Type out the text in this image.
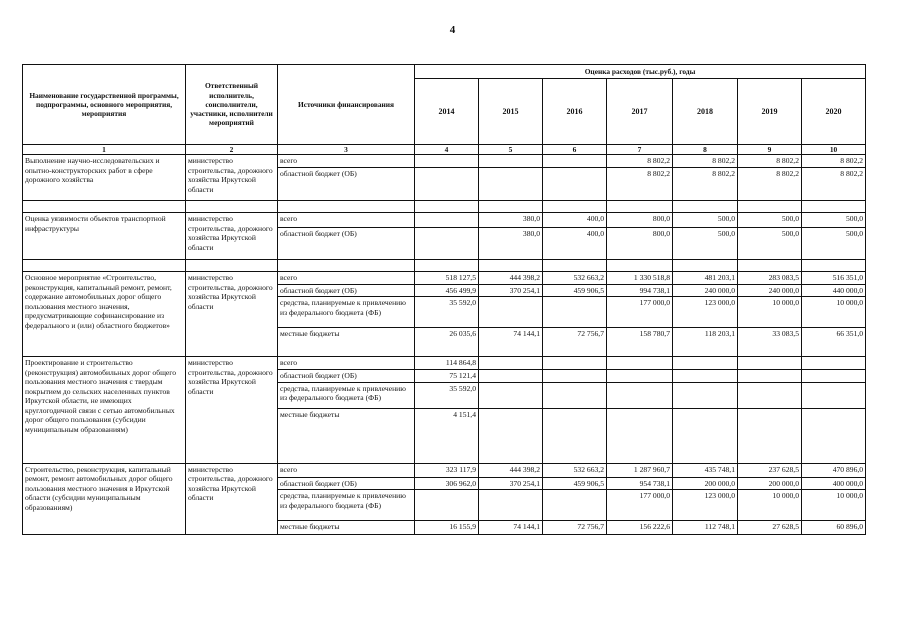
4
Наименование государственной программы, подпрограммы, основного мероприятия, мероприятия	Ответственный исполнитель, соисполнители, участники, исполнители мероприятий	Источники финансирования	Оценка расходов (тыс.руб.), годы						
			2014	2015	2016	2017	2018	2019	2020
1	2	3	4	5	6	7	8	9	10
Выполнение научно-исследовательских и опытно-конструкторских работ в сфере дорожного хозяйства	министерство строительства, дорожного хозяйства Иркутской области	всего				8 802,2	8 802,2	8 802,2	8 802,2
		областной бюджет (ОБ)				8 802,2	8 802,2	8 802,2	8 802,2

Оценка уязвимости объектов транспортной инфраструктуры	министерство строительства, дорожного хозяйства Иркутской области	всего		380,0	400,0	800,0	500,0	500,0	500,0
		областной бюджет (ОБ)		380,0	400,0	800,0	500,0	500,0	500,0

Основное мероприятие «Строительство, реконструкция, капитальный ремонт, ремонт, содержание автомобильных дорог общего пользования местного значения, предусматривающие софинансирование из федерального и (или) областного бюджетов»	министерство строительства, дорожного хозяйства Иркутской области	всего	518 127,5	444 398,2	532 663,2	1 330 518,8	481 203,1	283 083,5	516 351,0
		областной бюджет (ОБ)	456 499,9	370 254,1	459 906,5	994 738,1	240 000,0	240 000,0	440 000,0
		средства, планируемые к привлечению из федерального бюджета (ФБ)	35 592,0			177 000,0	123 000,0	10 000,0	10 000,0
		местные бюджеты	26 035,6	74 144,1	72 756,7	158 780,7	118 203,1	33 083,5	66 351,0
Проектирование и строительство (реконструкция) автомобильных дорог общего пользования местного значения с твердым покрытием до сельских населенных пунктов Иркутской области, не имеющих круглогодичной связи с сетью автомобильных дорог общего пользования (субсидии муниципальным образованиям)	министерство строительства, дорожного хозяйства Иркутской области	всего	114 864,8						
		областной бюджет (ОБ)	75 121,4						
		средства, планируемые к привлечению из федерального бюджета (ФБ)	35 592,0						
		местные бюджеты	4 151,4						
Строительство, реконструкция, капитальный ремонт, ремонт автомобильных дорог общего пользования местного значения в Иркутской области (субсидии муниципальным образованиям)	министерство строительства, дорожного хозяйства Иркутской области	всего	323 117,9	444 398,2	532 663,2	1 287 960,7	435 748,1	237 628,5	470 896,0
		областной бюджет (ОБ)	306 962,0	370 254,1	459 906,5	954 738,1	200 000,0	200 000,0	400 000,0
		средства, планируемые к привлечению из федерального бюджета (ФБ)				177 000,0	123 000,0	10 000,0	10 000,0
		местные бюджеты	16 155,9	74 144,1	72 756,7	156 222,6	112 748,1	27 628,5	60 896,0
